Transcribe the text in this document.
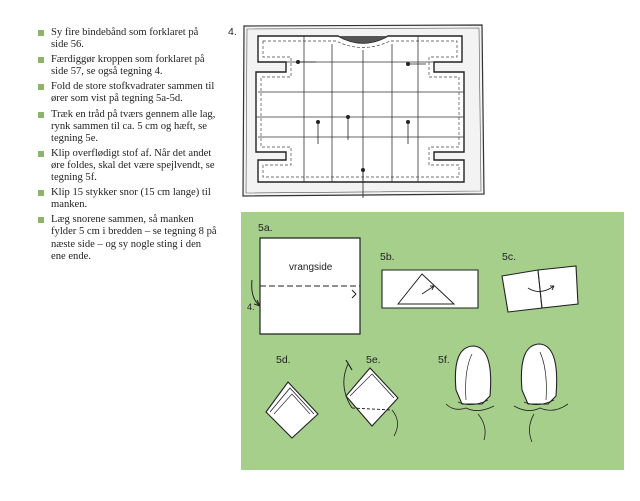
Sy fire bindebånd som forklaret på side 56.
Færdiggør kroppen som forklaret på side 57, se også tegning 4.
Fold de store stofkvadrater sammen til ører som vist på tegning 5a-5d.
Træk en tråd på tværs gennem alle lag, rynk sammen til ca. 5 cm og hæft, se tegning 5e.
Klip overflødigt stof af. Når det andet øre foldes, skal det være spejlvendt, se tegning 5f.
Klip 15 stykker snor (15 cm lange) til manken.
Læg snorene sammen, så manken fylder 5 cm i bredden – se tegning 8 på næste side – og sy nogle sting i den ene ende.
4.
5a.
vrangside
4.
5b.	5c.
5d.	5e.	5f.
